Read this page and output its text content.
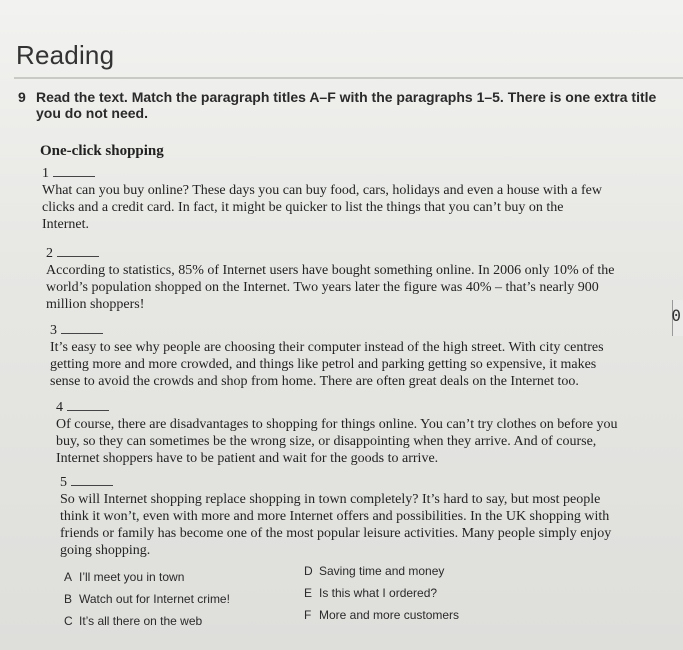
Reading
9 Read the text. Match the paragraph titles A–F with the paragraphs 1–5. There is one extra title
you do not need.
One-click shopping
1
What can you buy online? These days you can buy food, cars, holidays and even a house with a few
clicks and a credit card. In fact, it might be quicker to list the things that you can’t buy on the
Internet.
2
According to statistics, 85% of Internet users have bought something online. In 2006 only 10% of the
world’s population shopped on the Internet. Two years later the figure was 40% – that’s nearly 900
million shoppers!
3
It’s easy to see why people are choosing their computer instead of the high street. With city centres
getting more and more crowded, and things like petrol and parking getting so expensive, it makes
sense to avoid the crowds and shop from home. There are often great deals on the Internet too.
4
Of course, there are disadvantages to shopping for things online. You can’t try clothes on before you
buy, so they can sometimes be the wrong size, or disappointing when they arrive. And of course,
Internet shoppers have to be patient and wait for the goods to arrive.
5
So will Internet shopping replace shopping in town completely? It’s hard to say, but most people
think it won’t, even with more and more Internet offers and possibilities. In the UK shopping with
friends or family has become one of the most popular leisure activities. Many people simply enjoy
going shopping.
A I’ll meet you in town
B Watch out for Internet crime!
C It’s all there on the web
D Saving time and money
E Is this what I ordered?
F More and more customers
0
